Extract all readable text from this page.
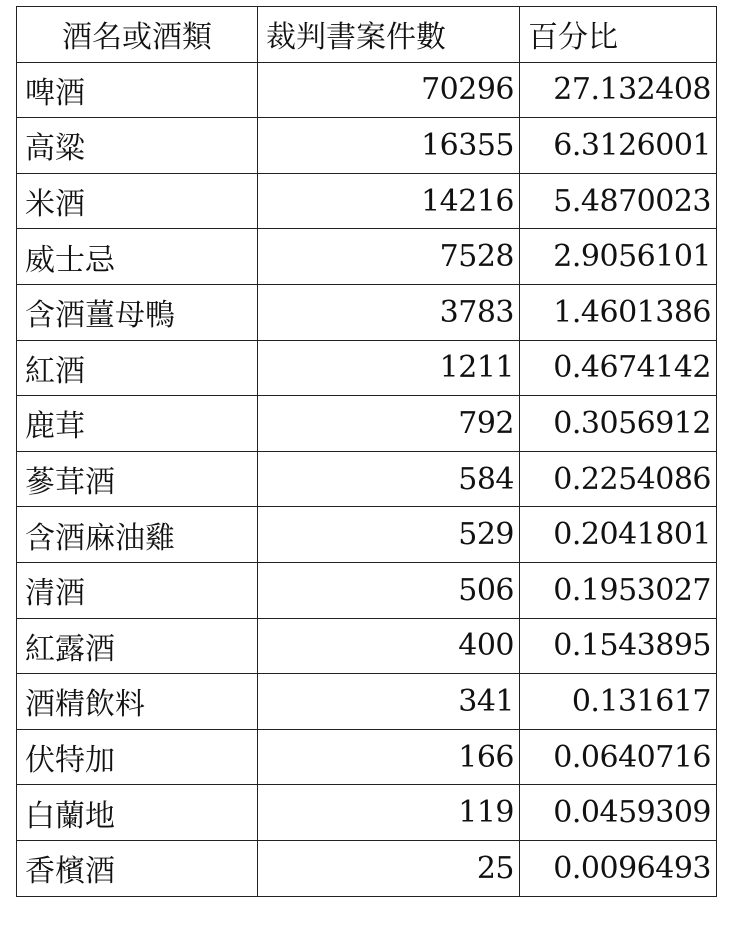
酒名或酒類	裁判書案件數	百分比
啤酒	70296	27.132408
高粱	16355	6.3126001
米酒	14216	5.4870023
威士忌	7528	2.9056101
含酒薑母鴨	3783	1.4601386
紅酒	1211	0.4674142
鹿茸	792	0.3056912
蔘茸酒	584	0.2254086
含酒麻油雞	529	0.2041801
清酒	506	0.1953027
紅露酒	400	0.1543895
酒精飲料	341	0.131617
伏特加	166	0.0640716
白蘭地	119	0.0459309
香檳酒	25	0.0096493
